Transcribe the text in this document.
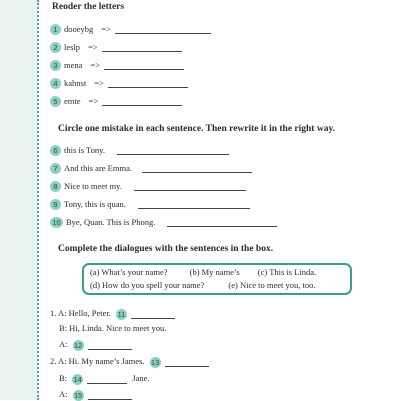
Reoder the letters
1 dooeybg =>
2 leslp =>
3 mena =>
4 kahnst =>
5 emte =>
Circle one mistake in each sentence. Then rewrite it in the right way.
6 this is Tony.
7 And this are Emma.
8 Nice to meet my.
9 Tony, this is quan.
10 Bye, Quan. This is Phong.
Complete the dialogues with the sentences in the box.
(a) What’s your name?	(b) My name’s (c) This is Linda.
(d) How do you spell your name?	(e) Nice to meet you, too.
1. A: Hello, Peter. 11
B: Hi, Linda. Nice to meet you.
A: 12
2. A: Hi. My name’s James. 13
B: 14	Jane.
A: 15
